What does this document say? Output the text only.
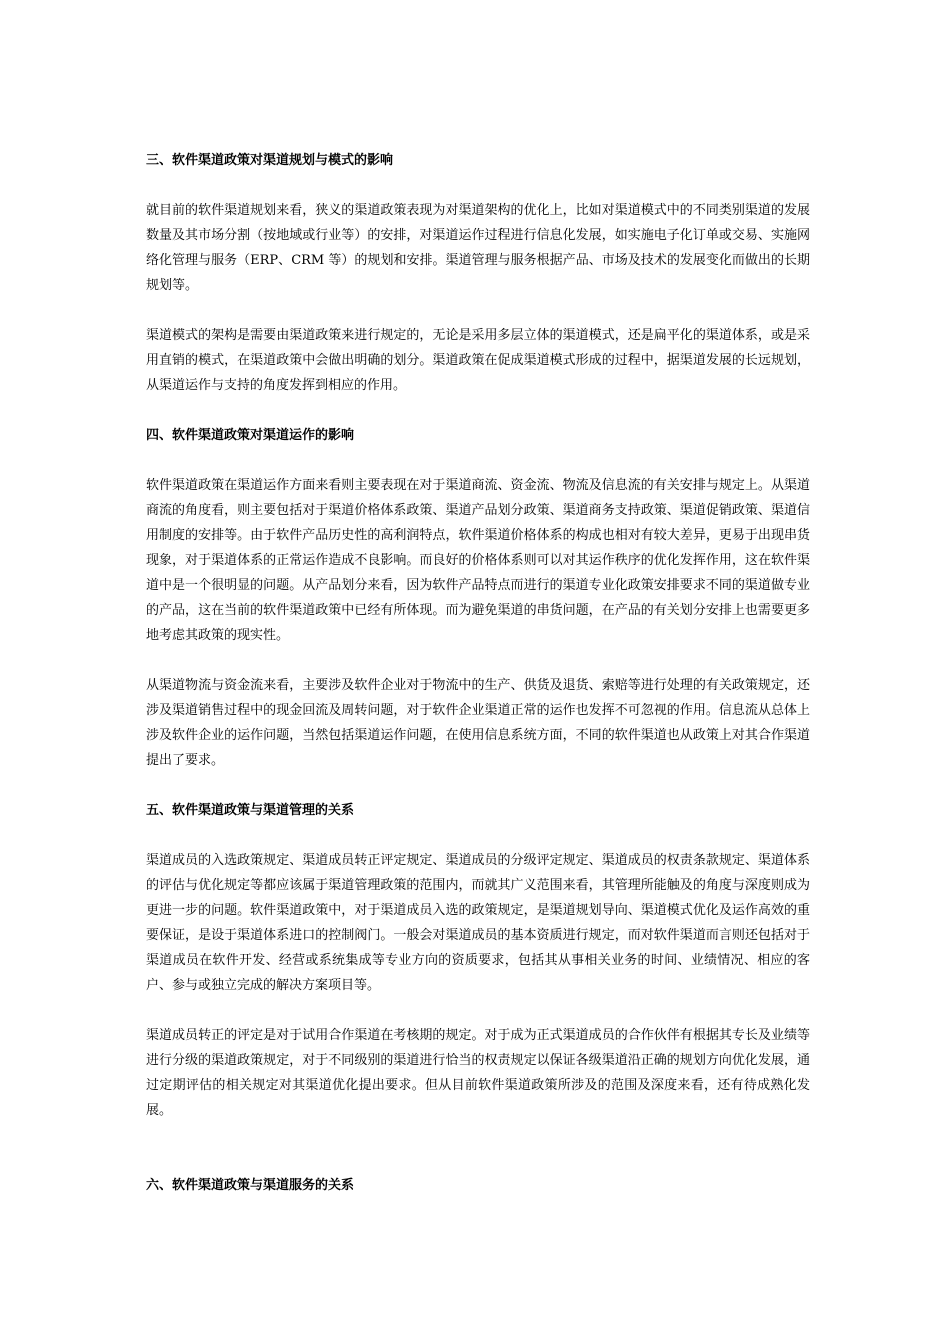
三、软件渠道政策对渠道规划与模式的影响

就目前的软件渠道规划来看，狭义的渠道政策表现为对渠道架构的优化上，比如对渠道模式中的不同类别渠道的发展数量及其市场分割（按地域或行业等）的安排，对渠道运作过程进行信息化发展，如实施电子化订单或交易、实施网络化管理与服务（ERP、CRM 等）的规划和安排。渠道管理与服务根据产品、市场及技术的发展变化而做出的长期规划等。

渠道模式的架构是需要由渠道政策来进行规定的，无论是采用多层立体的渠道模式，还是扁平化的渠道体系，或是采用直销的模式，在渠道政策中会做出明确的划分。渠道政策在促成渠道模式形成的过程中，据渠道发展的长远规划，从渠道运作与支持的角度发挥到相应的作用。

四、软件渠道政策对渠道运作的影响

软件渠道政策在渠道运作方面来看则主要表现在对于渠道商流、资金流、物流及信息流的有关安排与规定上。从渠道商流的角度看，则主要包括对于渠道价格体系政策、渠道产品划分政策、渠道商务支持政策、渠道促销政策、渠道信用制度的安排等。由于软件产品历史性的高利润特点，软件渠道价格体系的构成也相对有较大差异，更易于出现串货现象，对于渠道体系的正常运作造成不良影响。而良好的价格体系则可以对其运作秩序的优化发挥作用，这在软件渠道中是一个很明显的问题。从产品划分来看，因为软件产品特点而进行的渠道专业化政策安排要求不同的渠道做专业的产品，这在当前的软件渠道政策中已经有所体现。而为避免渠道的串货问题，在产品的有关划分安排上也需要更多地考虑其政策的现实性。

从渠道物流与资金流来看，主要涉及软件企业对于物流中的生产、供货及退货、索赔等进行处理的有关政策规定，还涉及渠道销售过程中的现金回流及周转问题，对于软件企业渠道正常的运作也发挥不可忽视的作用。信息流从总体上涉及软件企业的运作问题，当然包括渠道运作问题，在使用信息系统方面，不同的软件渠道也从政策上对其合作渠道提出了要求。

五、软件渠道政策与渠道管理的关系

渠道成员的入选政策规定、渠道成员转正评定规定、渠道成员的分级评定规定、渠道成员的权责条款规定、渠道体系的评估与优化规定等都应该属于渠道管理政策的范围内，而就其广义范围来看，其管理所能触及的角度与深度则成为更进一步的问题。软件渠道政策中，对于渠道成员入选的政策规定，是渠道规划导向、渠道模式优化及运作高效的重要保证，是设于渠道体系进口的控制阀门。一般会对渠道成员的基本资质进行规定，而对软件渠道而言则还包括对于渠道成员在软件开发、经营或系统集成等专业方向的资质要求，包括其从事相关业务的时间、业绩情况、相应的客户、参与或独立完成的解决方案项目等。

渠道成员转正的评定是对于试用合作渠道在考核期的规定。对于成为正式渠道成员的合作伙伴有根据其专长及业绩等进行分级的渠道政策规定，对于不同级别的渠道进行恰当的权责规定以保证各级渠道沿正确的规划方向优化发展，通过定期评估的相关规定对其渠道优化提出要求。但从目前软件渠道政策所涉及的范围及深度来看，还有待成熟化发展。

六、软件渠道政策与渠道服务的关系
